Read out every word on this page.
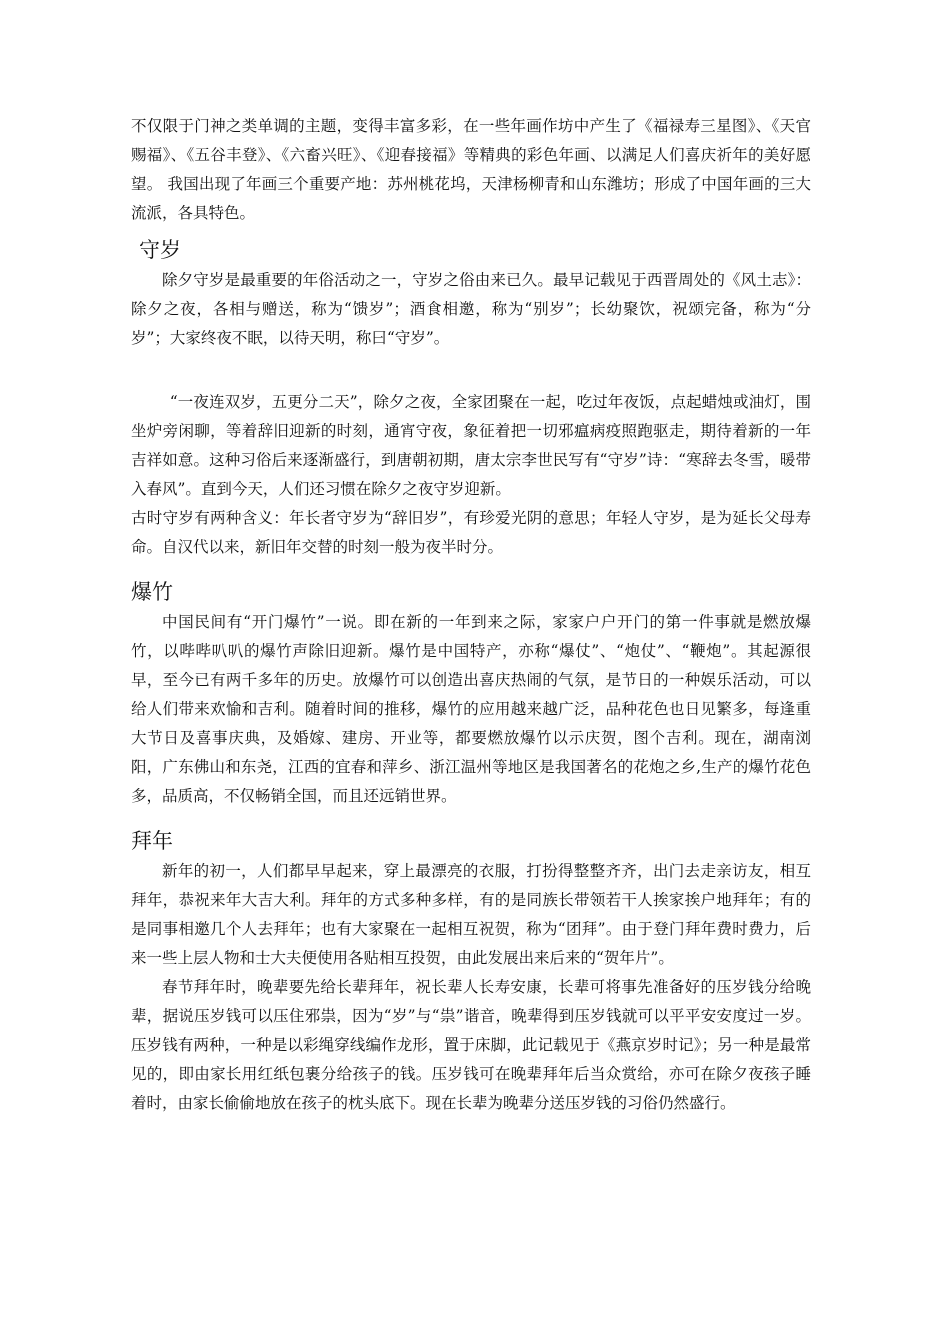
不仅限于门神之类单调的主题，变得丰富多彩，在一些年画作坊中产生了《福禄寿三星图》、《天官赐福》、《五谷丰登》、《六畜兴旺》、《迎春接福》等精典的彩色年画、以满足人们喜庆祈年的美好愿望。 我国出现了年画三个重要产地：苏州桃花坞，天津杨柳青和山东潍坊；形成了中国年画的三大流派，各具特色。

守岁

除夕守岁是最重要的年俗活动之一，守岁之俗由来已久。最早记载见于西晋周处的《风土志》：除夕之夜，各相与赠送，称为“馈岁”；酒食相邀，称为“别岁”；长幼聚饮，祝颂完备，称为“分岁”；大家终夜不眠，以待天明，称曰“守岁”。

“一夜连双岁，五更分二天”，除夕之夜，全家团聚在一起，吃过年夜饭，点起蜡烛或油灯，围坐炉旁闲聊，等着辞旧迎新的时刻，通宵守夜，象征着把一切邪瘟病疫照跑驱走，期待着新的一年吉祥如意。这种习俗后来逐渐盛行，到唐朝初期，唐太宗李世民写有“守岁”诗：“寒辞去冬雪，暖带入春风”。直到今天，人们还习惯在除夕之夜守岁迎新。

古时守岁有两种含义：年长者守岁为“辞旧岁”，有珍爱光阴的意思；年轻人守岁，是为延长父母寿命。自汉代以来，新旧年交替的时刻一般为夜半时分。

爆竹

中国民间有“开门爆竹”一说。即在新的一年到来之际，家家户户开门的第一件事就是燃放爆竹，以哔哔叭叭的爆竹声除旧迎新。爆竹是中国特产，亦称“爆仗”、“炮仗”、“鞭炮”。其起源很早，至今已有两千多年的历史。放爆竹可以创造出喜庆热闹的气氛，是节日的一种娱乐活动，可以给人们带来欢愉和吉利。随着时间的推移，爆竹的应用越来越广泛，品种花色也日见繁多，每逢重大节日及喜事庆典，及婚嫁、建房、开业等，都要燃放爆竹以示庆贺，图个吉利。现在，湖南浏阳，广东佛山和东尧，江西的宜春和萍乡、浙江温州等地区是我国著名的花炮之乡,生产的爆竹花色多，品质高，不仅畅销全国，而且还远销世界。

拜年

新年的初一，人们都早早起来，穿上最漂亮的衣服，打扮得整整齐齐，出门去走亲访友，相互拜年，恭祝来年大吉大利。拜年的方式多种多样，有的是同族长带领若干人挨家挨户地拜年；有的是同事相邀几个人去拜年；也有大家聚在一起相互祝贺，称为“团拜”。由于登门拜年费时费力，后来一些上层人物和士大夫便使用各贴相互投贺，由此发展出来后来的“贺年片”。

春节拜年时，晚辈要先给长辈拜年，祝长辈人长寿安康，长辈可将事先准备好的压岁钱分给晚辈，据说压岁钱可以压住邪祟，因为“岁”与“祟”谐音，晚辈得到压岁钱就可以平平安安度过一岁。压岁钱有两种，一种是以彩绳穿线编作龙形，置于床脚，此记载见于《燕京岁时记》；另一种是最常见的，即由家长用红纸包裹分给孩子的钱。压岁钱可在晚辈拜年后当众赏给，亦可在除夕夜孩子睡着时，由家长偷偷地放在孩子的枕头底下。现在长辈为晚辈分送压岁钱的习俗仍然盛行。
